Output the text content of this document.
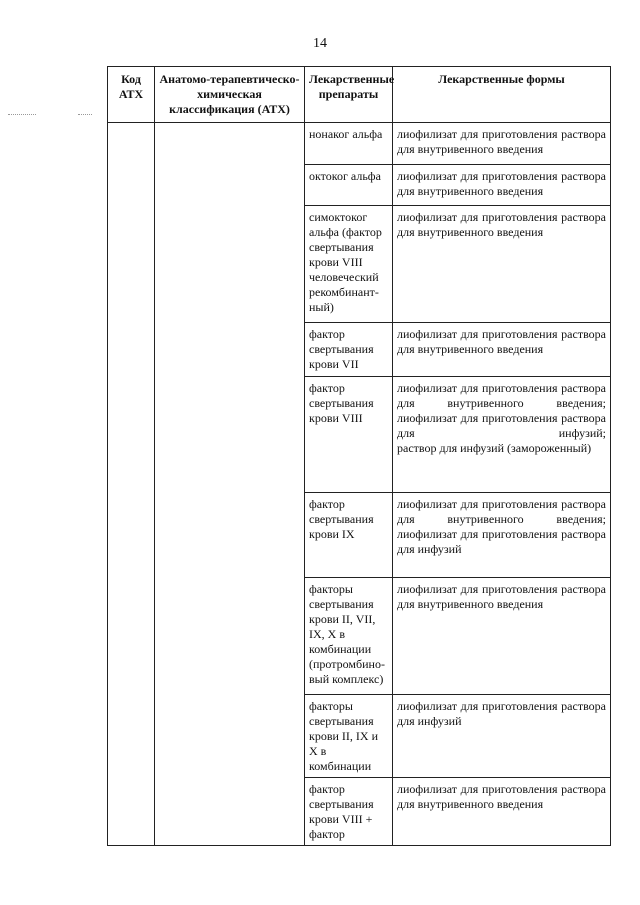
14
Код АТХ	Анатомо-терапевтическо-химическая классификация (АТХ)	Лекарственные препараты	Лекарственные формы
		нонаког альфа	лиофилизат для приготовления раствора для внутривенного введения
		октоког альфа	лиофилизат для приготовления раствора для внутривенного введения
		симоктоког альфа (фактор свертывания крови VIII человеческий рекомбинант-ный)	лиофилизат для приготовления раствора для внутривенного введения
		фактор свертывания крови VII	лиофилизат для приготовления раствора для внутривенного введения
		фактор свертывания крови VIII	лиофилизат для приготовления раствора для внутривенного введения;
лиофилизат для приготовления раствора для инфузий;
раствор для инфузий (замороженный)
		фактор свертывания крови IX	лиофилизат для приготовления раствора для внутривенного введения;
лиофилизат для приготовления раствора для инфузий
		факторы свертывания крови II, VII, IX, X в комбинации (протромбино-вый комплекс)	лиофилизат для приготовления раствора для внутривенного введения
		факторы свертывания крови II, IX и X в комбинации	лиофилизат для приготовления раствора для инфузий
		фактор свертывания крови VIII + фактор	лиофилизат для приготовления раствора для внутривенного введения
